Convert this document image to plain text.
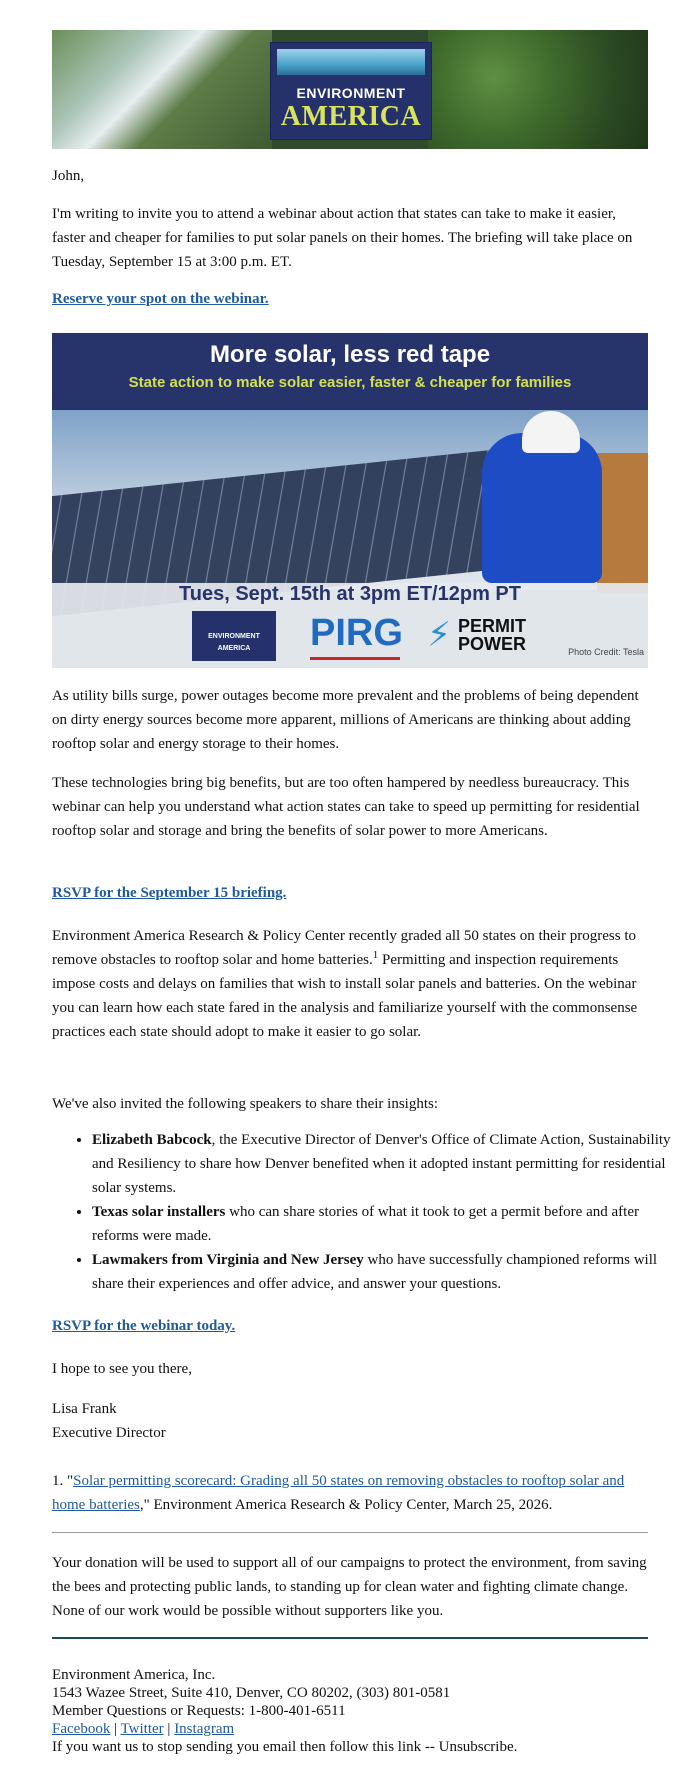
ENVIRONMENT
AMERICA

John,

I'm writing to invite you to attend a webinar about action that states can take to make it easier, faster and cheaper for families to put solar panels on their homes. The briefing will take place on Tuesday, September 15 at 3:00 p.m. ET.

Reserve your spot on the webinar.
More solar, less red tape
State action to make solar easier, faster & cheaper for families
Tues, Sept. 15th at 3pm ET/12pm PT
ENVIRONMENT AMERICA	PIRG ⚡ PERMIT
POWER	Photo Credit: Tesla

As utility bills surge, power outages become more prevalent and the problems of being dependent on dirty energy sources become more apparent, millions of Americans are thinking about adding rooftop solar and energy storage to their homes.

These technologies bring big benefits, but are too often hampered by needless bureaucracy. This webinar can help you understand what action states can take to speed up permitting for residential rooftop solar and storage and bring the benefits of solar power to more Americans.

RSVP for the September 15 briefing.

Environment America Research & Policy Center recently graded all 50 states on their progress to remove obstacles to rooftop solar and home batteries.$^1$ Permitting and inspection requirements impose costs and delays on families that wish to install solar panels and batteries. On the webinar you can learn how each state fared in the analysis and familiarize yourself with the commonsense practices each state should adopt to make it easier to go solar.

We've also invited the following speakers to share their insights:

• Elizabeth Babcock, the Executive Director of Denver's Office of Climate Action, Sustainability and Resiliency to share how Denver benefited when it adopted instant permitting for residential solar systems.
• Texas solar installers who can share stories of what it took to get a permit before and after reforms were made.
• Lawmakers from Virginia and New Jersey who have successfully championed reforms will share their experiences and offer advice, and answer your questions.
RSVP for the webinar today.

I hope to see you there,

Lisa Frank

Executive Director

1. "Solar permitting scorecard: Grading all 50 states on removing obstacles to rooftop solar and home batteries," Environment America Research & Policy Center, March 25, 2026.

Your donation will be used to support all of our campaigns to protect the environment, from saving the bees and protecting public lands, to standing up for clean water and fighting climate change. None of our work would be possible without supporters like you.

Environment America, Inc.
1543 Wazee Street, Suite 410, Denver, CO 80202, (303) 801-0581
Member Questions or Requests: 1-800-401-6511
Facebook | Twitter | Instagram
If you want us to stop sending you email then follow this link -- Unsubscribe.
